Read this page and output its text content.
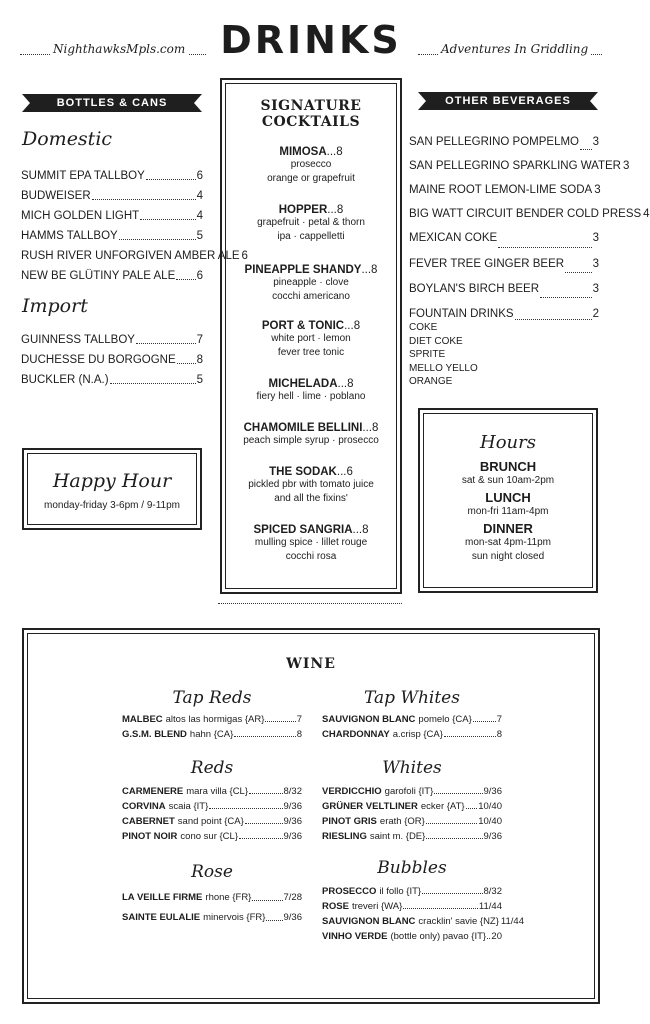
DRINKS
NighthawksMpls.com	Adventures In Griddling
BOTTLES & CANS
Domestic
SUMMIT EPA TALLBOY	6
BUDWEISER	4
MICH GOLDEN LIGHT	4
HAMMS TALLBOY	5
RUSH RIVER UNFORGIVEN AMBER ALE 6
NEW BE GLÜTINY PALE ALE 6
Import
GUINNESS TALLBOY	7
DUCHESSE DU BORGOGNE 8
BUCKLER (N.A.)	5
Happy Hour
monday-friday 3-6pm / 9-11pm
SIGNATURE
COCKTAILS
MIMOSA...8
prosecco
orange or grapefruit
HOPPER...8
grapefruit · petal & thorn
ipa · cappelletti
PINEAPPLE SHANDY...8
pineapple · clove
cocchi americano
PORT & TONIC...8
white port · lemon
fever tree tonic
MICHELADA...8
fiery hell · lime · poblano
CHAMOMILE BELLINI...8
peach simple syrup · prosecco
THE SODAK...6
pickled pbr with tomato juice
and all the fixins'
SPICED SANGRIA...8
mulling spice · lillet rouge
cocchi rosa
OTHER BEVERAGES
SAN PELLEGRINO POMPELMO 3
SAN PELLEGRINO SPARKLING WATER 3
MAINE ROOT LEMON-LIME SODA 3
BIG WATT CIRCUIT BENDER COLD PRESS 4
MEXICAN COKE	3
FEVER TREE GINGER BEER 3
BOYLAN'S BIRCH BEER	3
FOUNTAIN DRINKS	2
COKE
DIET COKE
SPRITE
MELLO YELLO
ORANGE
Hours
BRUNCH
sat & sun 10am-2pm
LUNCH
mon-fri 11am-4pm
DINNER
mon-sat 4pm-11pm
sun night closed
WINE
Tap Reds
MALBEC altos las hormigas {AR}	7
G.S.M. BLEND hahn {CA}	8
Reds
CARMENERE mara villa {CL}	8/32
CORVINA scaia {IT}	9/36
CABERNET sand point {CA}	9/36
PINOT NOIR cono sur {CL}	9/36
Rose
LA VEILLE FIRME rhone {FR}	7/28
SAINTE EULALIE minervois {FR} 9/36
Tap Whites
SAUVIGNON BLANC pomelo {CA}	7
CHARDONNAY a.crisp {CA}	8
Whites
VERDICCHIO garofoli {IT}	9/36
GRÜNER VELTLINER ecker {AT} 10/40
PINOT GRIS erath {OR}	10/40
RIESLING saint m. {DE}	9/36
Bubbles
PROSECCO il follo {IT}	8/32
ROSE treveri {WA}	11/44
SAUVIGNON BLANC cracklin' savie {NZ} 11/44
VINHO VERDE (bottle only) pavao {IT} 20
